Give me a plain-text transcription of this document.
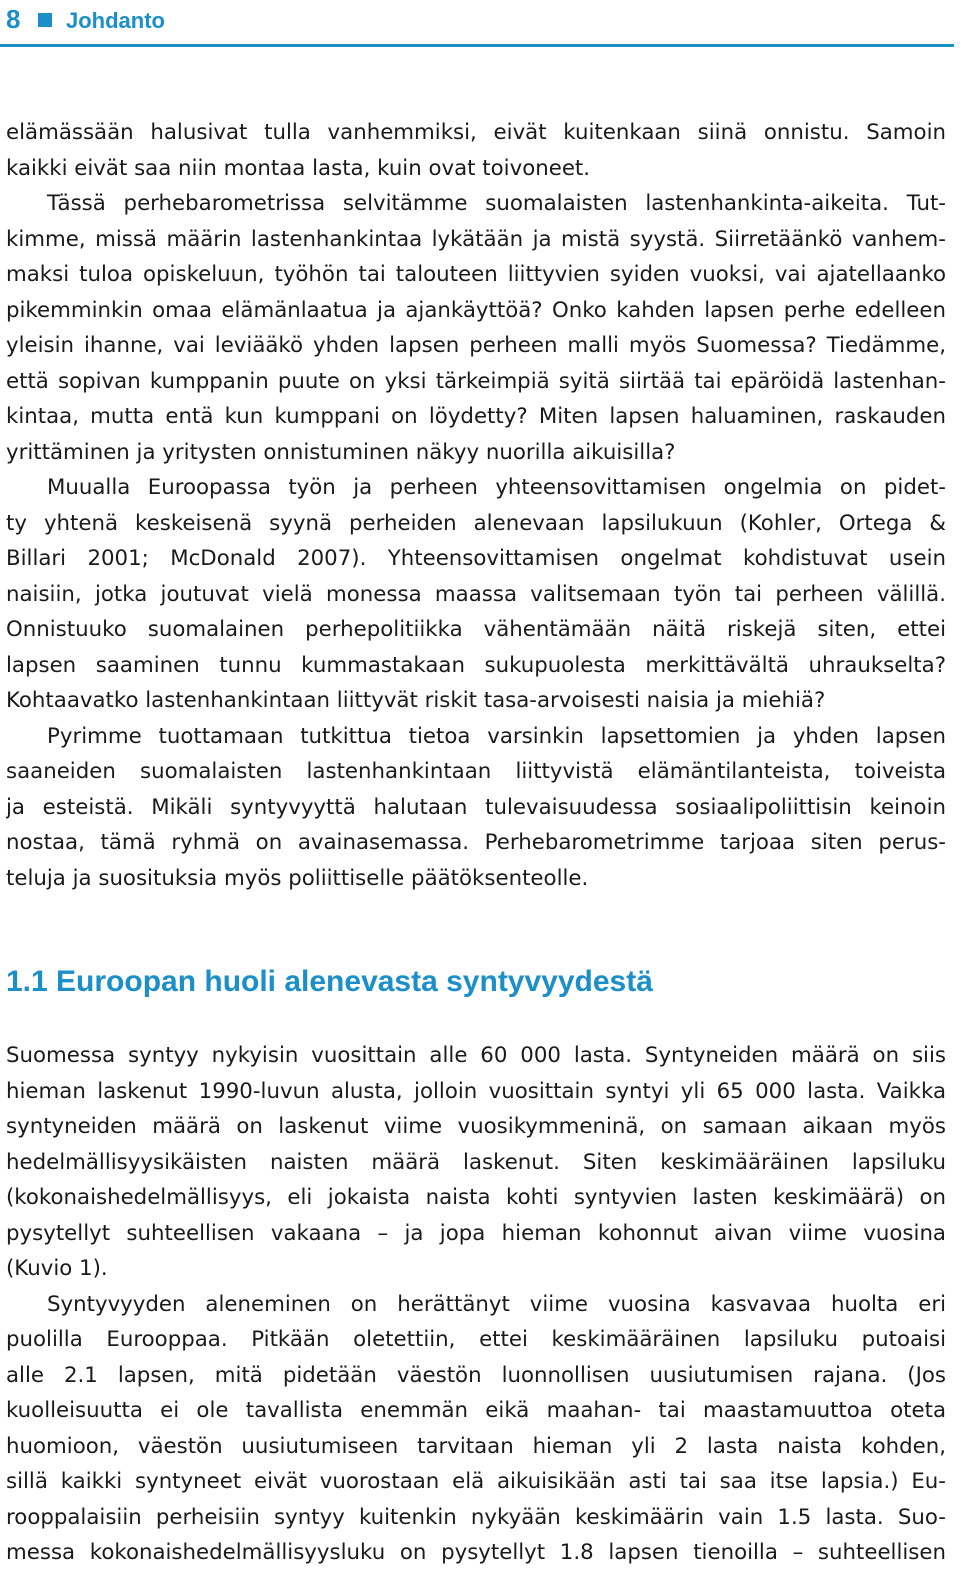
8 Johdanto
elämässään halusivat tulla vanhemmiksi, eivät kuitenkaan siinä onnistu. Samoin
kaikki eivät saa niin montaa lasta, kuin ovat toivoneet.
Tässä perhebarometrissa selvitämme suomalaisten lastenhankinta-aikeita. Tut-
kimme, missä määrin lastenhankintaa lykätään ja mistä syystä. Siirretäänkö vanhem-
maksi tuloa opiskeluun, työhön tai talouteen liittyvien syiden vuoksi, vai ajatellaanko
pikemminkin omaa elämänlaatua ja ajankäyttöä? Onko kahden lapsen perhe edelleen
yleisin ihanne, vai leviääkö yhden lapsen perheen malli myös Suomessa? Tiedämme,
että sopivan kumppanin puute on yksi tärkeimpiä syitä siirtää tai epäröidä lastenhan-
kintaa, mutta entä kun kumppani on löydetty? Miten lapsen haluaminen, raskauden
yrittäminen ja yritysten onnistuminen näkyy nuorilla aikuisilla?
Muualla Euroopassa työn ja perheen yhteensovittamisen ongelmia on pidet-
ty yhtenä keskeisenä syynä perheiden alenevaan lapsilukuun (Kohler, Ortega &
Billari 2001; McDonald 2007). Yhteensovittamisen ongelmat kohdistuvat usein
naisiin, jotka joutuvat vielä monessa maassa valitsemaan työn tai perheen välillä.
Onnistuuko suomalainen perhepolitiikka vähentämään näitä riskejä siten, ettei
lapsen saaminen tunnu kummastakaan sukupuolesta merkittävältä uhraukselta?
Kohtaavatko lastenhankintaan liittyvät riskit tasa-arvoisesti naisia ja miehiä?
Pyrimme tuottamaan tutkittua tietoa varsinkin lapsettomien ja yhden lapsen
saaneiden suomalaisten lastenhankintaan liittyvistä elämäntilanteista, toiveista
ja esteistä. Mikäli syntyvyyttä halutaan tulevaisuudessa sosiaalipoliittisin keinoin
nostaa, tämä ryhmä on avainasemassa. Perhebarometrimme tarjoaa siten perus-
teluja ja suosituksia myös poliittiselle päätöksenteolle.
1.1 Euroopan huoli alenevasta syntyvyydestä
Suomessa syntyy nykyisin vuosittain alle 60 000 lasta. Syntyneiden määrä on siis
hieman laskenut 1990-luvun alusta, jolloin vuosittain syntyi yli 65 000 lasta. Vaikka
syntyneiden määrä on laskenut viime vuosikymmeninä, on samaan aikaan myös
hedelmällisyysikäisten naisten määrä laskenut. Siten keskimääräinen lapsiluku
(kokonaishedelmällisyys, eli jokaista naista kohti syntyvien lasten keskimäärä) on
pysytellyt suhteellisen vakaana – ja jopa hieman kohonnut aivan viime vuosina
(Kuvio 1).
Syntyvyyden aleneminen on herättänyt viime vuosina kasvavaa huolta eri
puolilla Eurooppaa. Pitkään oletettiin, ettei keskimääräinen lapsiluku putoaisi
alle 2.1 lapsen, mitä pidetään väestön luonnollisen uusiutumisen rajana. (Jos
kuolleisuutta ei ole tavallista enemmän eikä maahan- tai maastamuuttoa oteta
huomioon, väestön uusiutumiseen tarvitaan hieman yli 2 lasta naista kohden,
sillä kaikki syntyneet eivät vuorostaan elä aikuisikään asti tai saa itse lapsia.) Eu-
rooppalaisiin perheisiin syntyy kuitenkin nykyään keskimäärin vain 1.5 lasta. Suo-
messa kokonaishedelmällisyysluku on pysytellyt 1.8 lapsen tienoilla – suhteellisen
